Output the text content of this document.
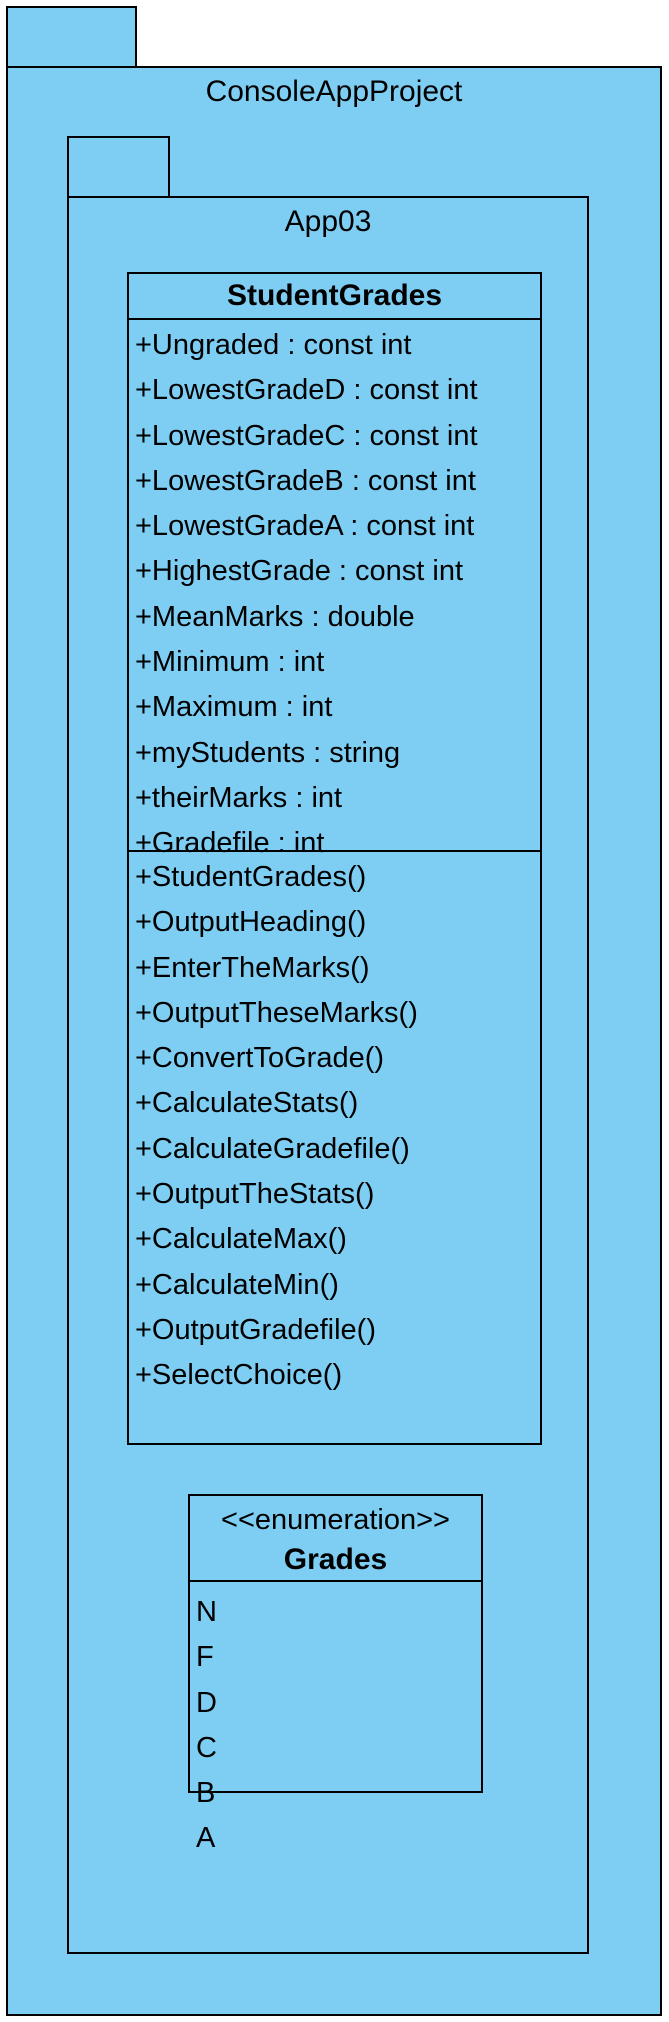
ConsoleAppProject
App03
StudentGrades
+Ungraded : const int
+LowestGradeD : const int
+LowestGradeC : const int
+LowestGradeB : const int
+LowestGradeA : const int
+HighestGrade : const int
+MeanMarks : double
+Minimum : int
+Maximum : int
+myStudents : string
+theirMarks : int
+Gradefile : int
+StudentGrades()
+OutputHeading()
+EnterTheMarks()
+OutputTheseMarks()
+ConvertToGrade()
+CalculateStats()
+CalculateGradefile()
+OutputTheStats()
+CalculateMax()
+CalculateMin()
+OutputGradefile()
+SelectChoice()
<<enumeration>>
Grades
N
F
D
C
B
A
